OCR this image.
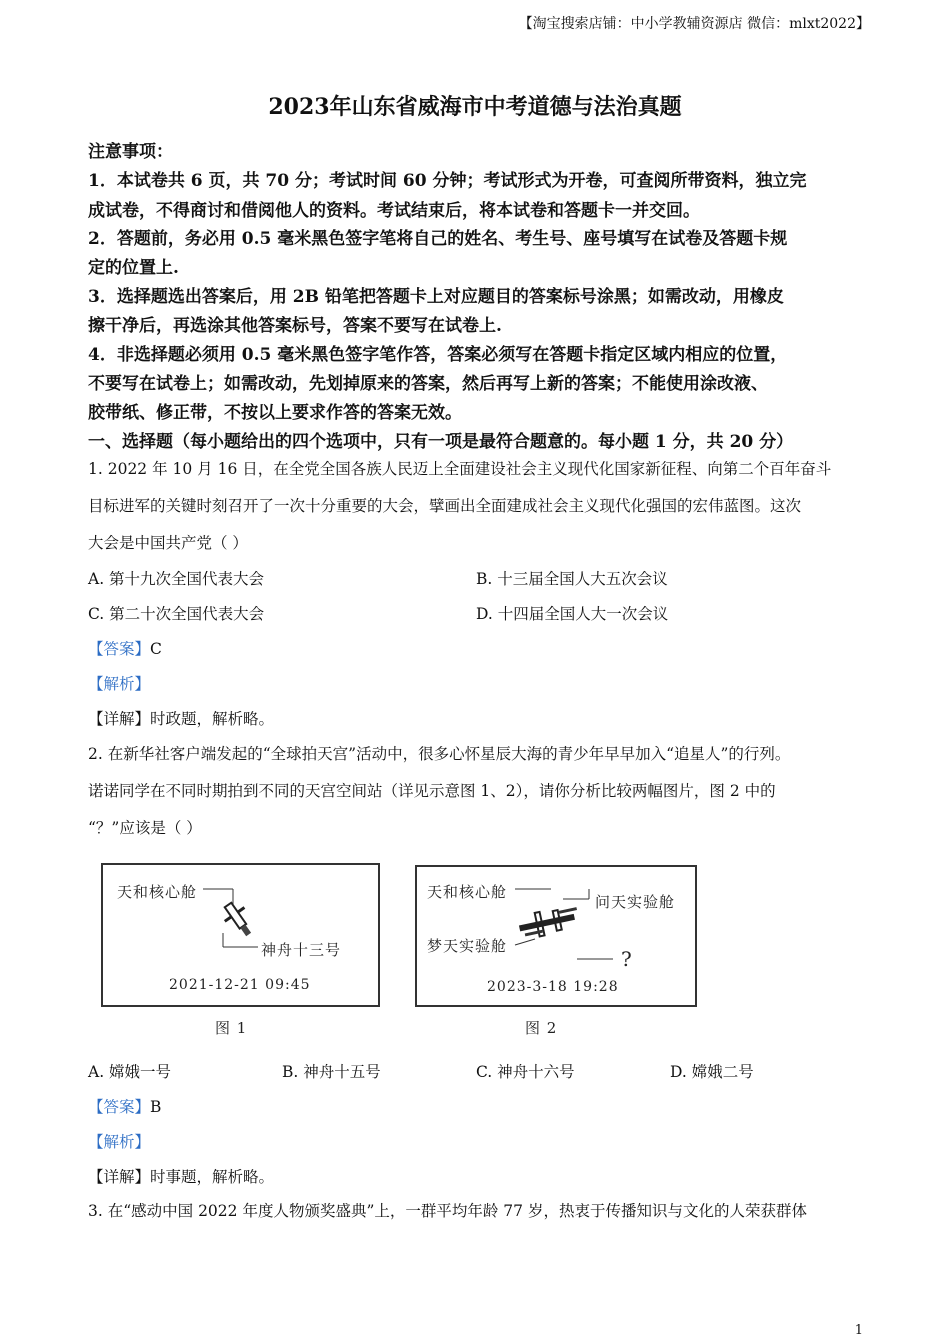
【淘宝搜索店铺：中小学教辅资源店 微信：mlxt2022】
2023年山东省威海市中考道德与法治真题
注意事项：
1．本试卷共 6 页，共 70 分；考试时间 60 分钟；考试形式为开卷，可查阅所带资料，独立完
成试卷，不得商讨和借阅他人的资料。考试结束后，将本试卷和答题卡一并交回。
2．答题前，务必用 0.5 毫米黑色签字笔将自己的姓名、考生号、座号填写在试卷及答题卡规
定的位置上.
3．选择题选出答案后，用 2B 铅笔把答题卡上对应题目的答案标号涂黑；如需改动，用橡皮
擦干净后，再选涂其他答案标号，答案不要写在试卷上.
4．非选择题必须用 0.5 毫米黑色签字笔作答，答案必须写在答题卡指定区域内相应的位置，
不要写在试卷上；如需改动，先划掉原来的答案，然后再写上新的答案；不能使用涂改液、
胶带纸、修正带，不按以上要求作答的答案无效。
一、选择题（每小题给出的四个选项中，只有一项是最符合题意的。每小题 1 分，共 20 分）
1. 2022 年 10 月 16 日，在全党全国各族人民迈上全面建设社会主义现代化国家新征程、向第二个百年奋斗
目标进军的关键时刻召开了一次十分重要的大会，擘画出全面建成社会主义现代化强国的宏伟蓝图。这次
大会是中国共产党（ ）
A. 第十九次全国代表大会	B. 十三届全国人大五次会议
C. 第二十次全国代表大会	D. 十四届全国人大一次会议
【答案】C
【解析】
【详解】时政题，解析略。
2. 在新华社客户端发起的“全球拍天宫”活动中，很多心怀星辰大海的青少年早早加入“追星人”的行列。
诺诺同学在不同时期拍到不同的天宫空间站（详见示意图 1、2），请你分析比较两幅图片，图 2 中的
“？”应该是（ ）
天和核心舱
神舟十三号
2021-12-21 09:45
图 1
天和核心舱
问天实验舱
梦天实验舱
?
2023-3-18 19:28
图 2
A. 嫦娥一号	B. 神舟十五号	C. 神舟十六号	D. 嫦娥二号
【答案】B
【解析】
【详解】时事题，解析略。
3. 在“感动中国 2022 年度人物颁奖盛典”上，一群平均年龄 77 岁，热衷于传播知识与文化的人荣获群体
1
